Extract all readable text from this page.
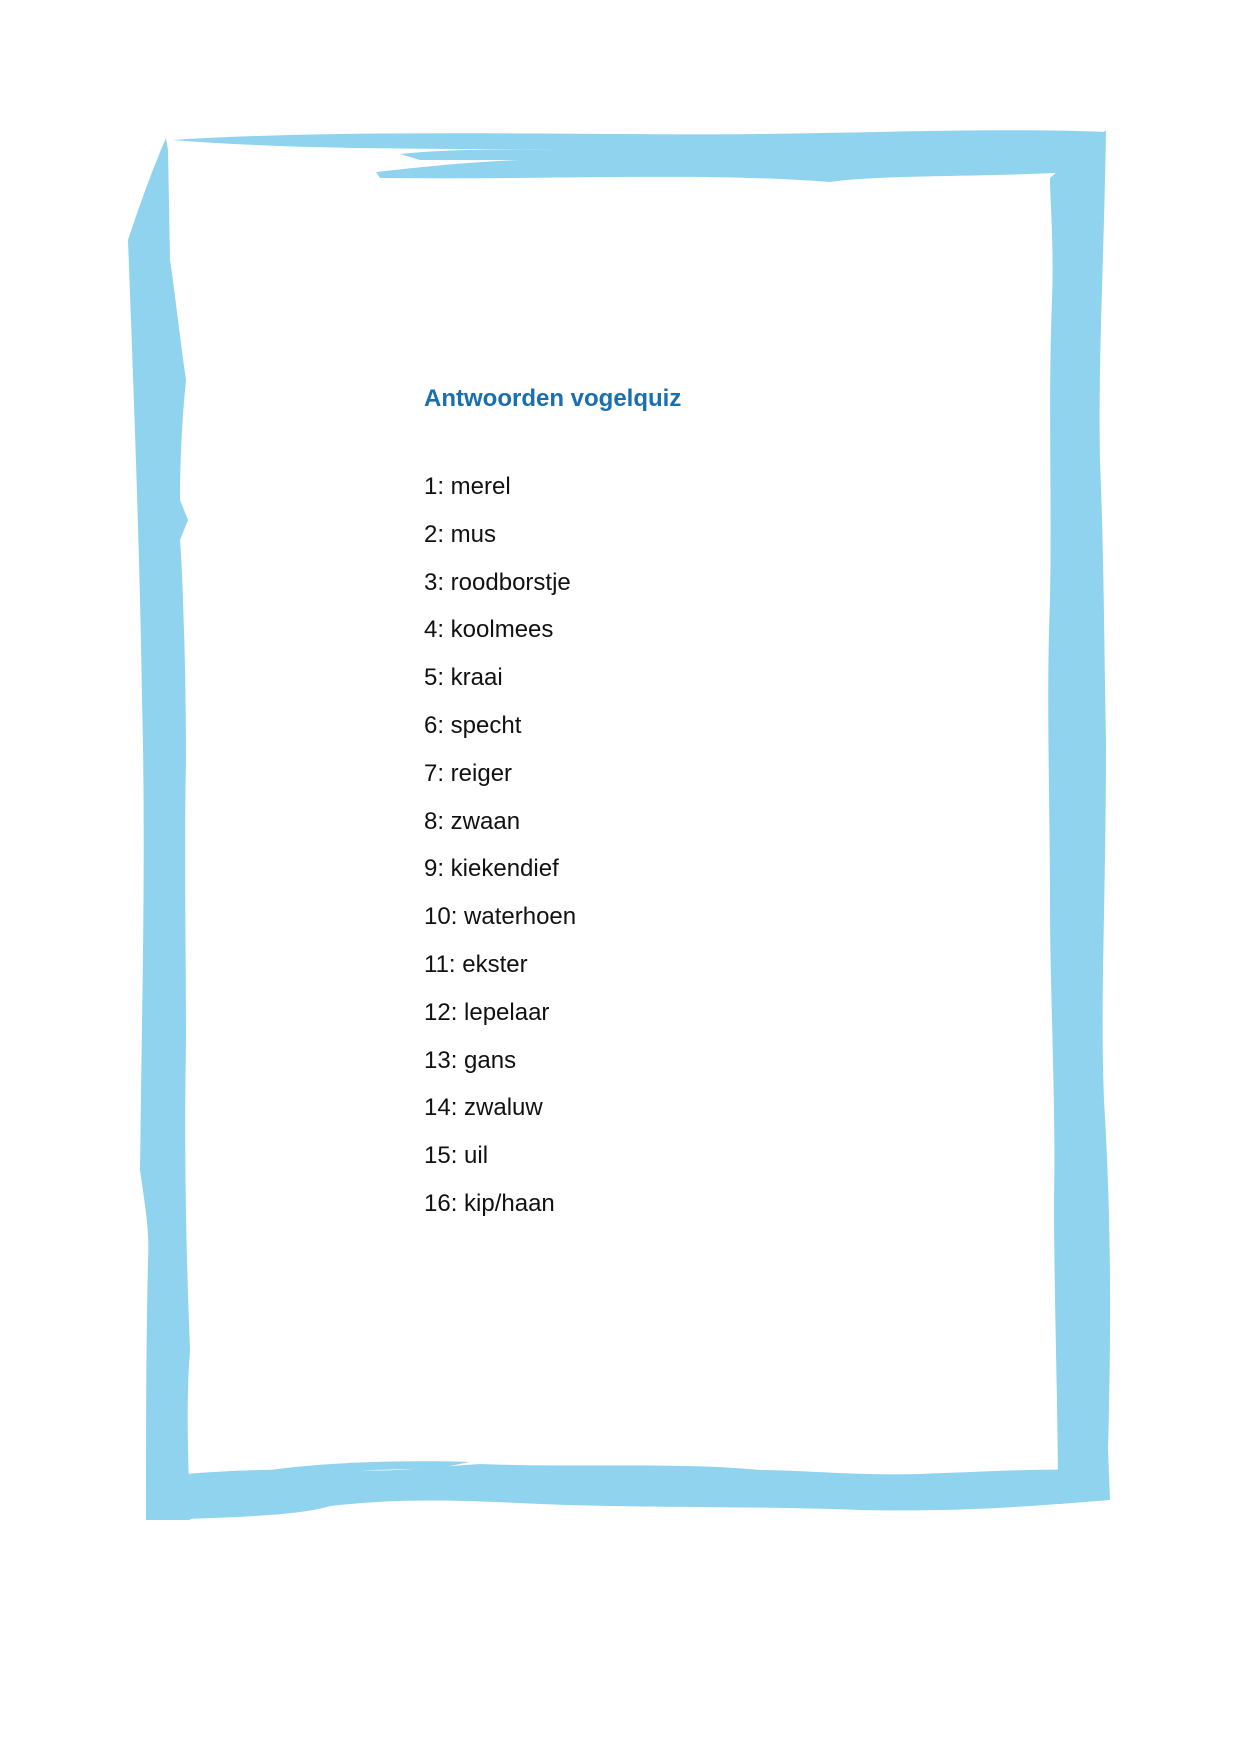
Antwoorden vogelquiz
1: merel
2: mus
3: roodborstje
4: koolmees
5: kraai
6: specht
7: reiger
8: zwaan
9: kiekendief
10: waterhoen
11: ekster
12: lepelaar
13: gans
14: zwaluw
15: uil
16: kip/haan
